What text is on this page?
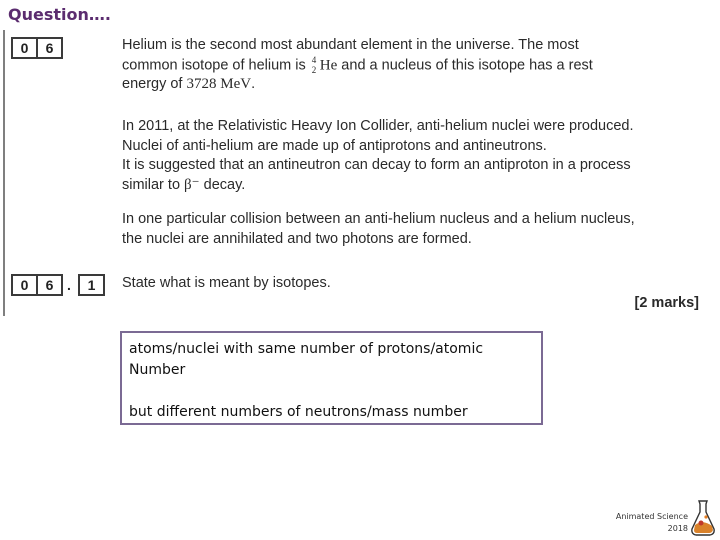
Question….
0	6	Helium is the second most abundant element in the universe. The most
common isotope of helium is 4
2 He and a nucleus of this isotope has a rest
energy of 3728 MeV.
In 2011, at the Relativistic Heavy Ion Collider, anti-helium nuclei were produced.
Nuclei of anti-helium are made up of antiprotons and antineutrons.
It is suggested that an antineutron can decay to form an antiproton in a process
similar to β⁻ decay.
In one particular collision between an anti-helium nucleus and a helium nucleus,
the nuclei are annihilated and two photons are formed.
0	6 .	1	State what is meant by isotopes.
[2 marks]
atoms/nuclei with same number of protons/atomic
Number
but different numbers of neutrons/mass number
Animated Science
2018
